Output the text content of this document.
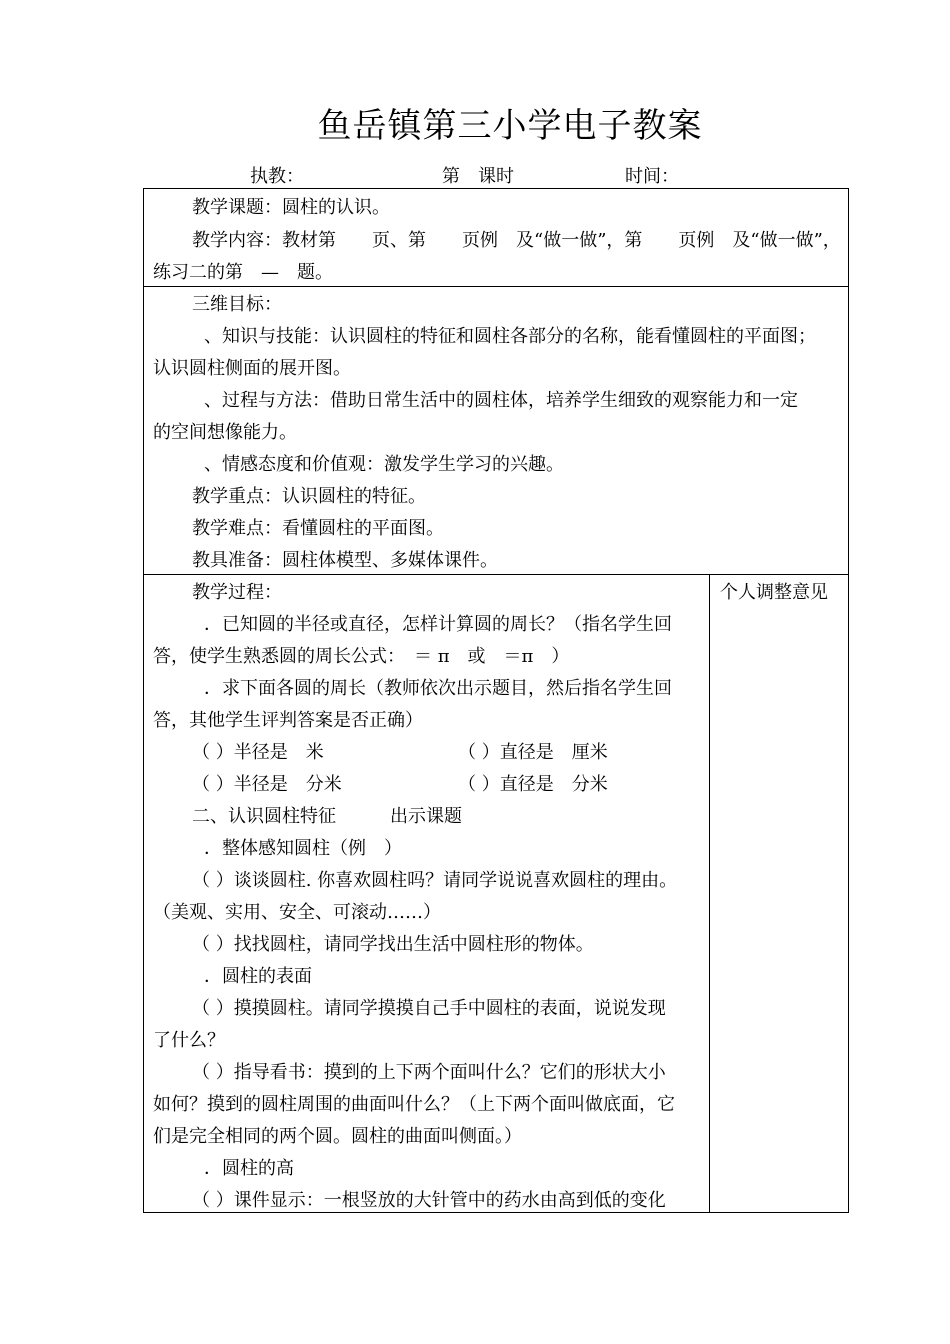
鱼岳镇第三小学电子教案
执教：	第　课时	时间：
教学课题：圆柱的认识。
教学内容：教材第　　页、第　　页例　及“做一做”，第　　页例　及“做一做”，
练习二的第　—　题。
三维目标：
、知识与技能：认识圆柱的特征和圆柱各部分的名称，能看懂圆柱的平面图；
认识圆柱侧面的展开图。
、过程与方法：借助日常生活中的圆柱体，培养学生细致的观察能力和一定
的空间想像能力。
、情感态度和价值观：激发学生学习的兴趣。
教学重点：认识圆柱的特征。
教学难点：看懂圆柱的平面图。
教具准备：圆柱体模型、多媒体课件。
个人调整意见
教学过程：
．已知圆的半径或直径，怎样计算圆的周长？（指名学生回
答，使学生熟悉圆的周长公式：　＝ π　或　＝π　）
．求下面各圆的周长（教师依次出示题目，然后指名学生回
答，其他学生评判答案是否正确）
（ ）半径是　米	（ ）直径是　厘米
（ ）半径是　分米	（ ）直径是　分米
二、认识圆柱特征　　　出示课题
．整体感知圆柱（例　）
（ ）谈谈圆柱. 你喜欢圆柱吗？请同学说说喜欢圆柱的理由。
（美观、实用、安全、可滚动……）
（ ）找找圆柱，请同学找出生活中圆柱形的物体。
．圆柱的表面
（ ）摸摸圆柱。请同学摸摸自己手中圆柱的表面，说说发现
了什么？
（ ）指导看书：摸到的上下两个面叫什么？它们的形状大小
如何？摸到的圆柱周围的曲面叫什么？（上下两个面叫做底面，它
们是完全相同的两个圆。圆柱的曲面叫侧面。）
．圆柱的高
（ ）课件显示：一根竖放的大针管中的药水由高到低的变化
